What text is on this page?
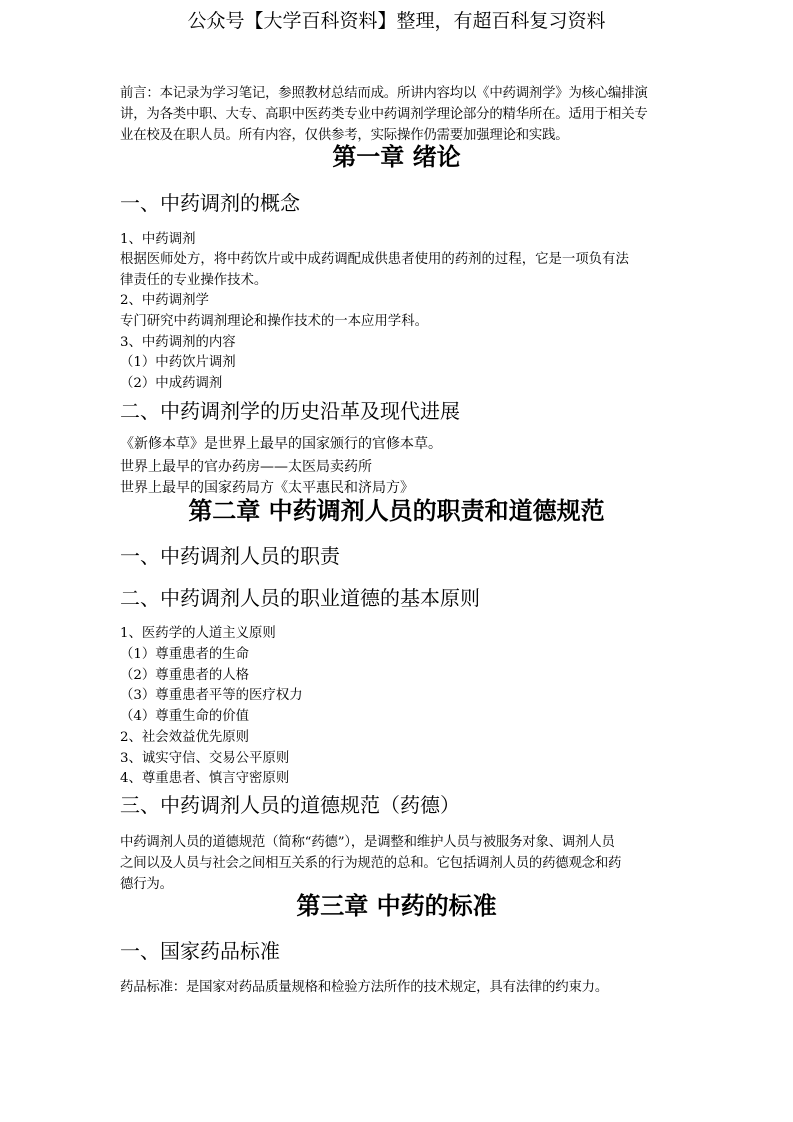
公众号【大学百科资料】整理，有超百科复习资料
前言：本记录为学习笔记，参照教材总结而成。所讲内容均以《中药调剂学》为核心编排演
讲，为各类中职、大专、高职中医药类专业中药调剂学理论部分的精华所在。适用于相关专
业在校及在职人员。所有内容，仅供参考，实际操作仍需要加强理论和实践。
第一章 绪论
一、中药调剂的概念
1、中药调剂
根据医师处方，将中药饮片或中成药调配成供患者使用的药剂的过程，它是一项负有法
律责任的专业操作技术。
2、中药调剂学
专门研究中药调剂理论和操作技术的一本应用学科。
3、中药调剂的内容
（1）中药饮片调剂
（2）中成药调剂
二、中药调剂学的历史沿革及现代进展
《新修本草》是世界上最早的国家颁行的官修本草。
世界上最早的官办药房——太医局卖药所
世界上最早的国家药局方《太平惠民和济局方》
第二章 中药调剂人员的职责和道德规范
一、中药调剂人员的职责
二、中药调剂人员的职业道德的基本原则
1、医药学的人道主义原则
（1）尊重患者的生命
（2）尊重患者的人格
（3）尊重患者平等的医疗权力
（4）尊重生命的价值
2、社会效益优先原则
3、诚实守信、交易公平原则
4、尊重患者、慎言守密原则
三、中药调剂人员的道德规范（药德）
中药调剂人员的道德规范（简称“药德”），是调整和维护人员与被服务对象、调剂人员
之间以及人员与社会之间相互关系的行为规范的总和。它包括调剂人员的药德观念和药
德行为。
第三章 中药的标准
一、国家药品标准
药品标准：是国家对药品质量规格和检验方法所作的技术规定，具有法律的约束力。
